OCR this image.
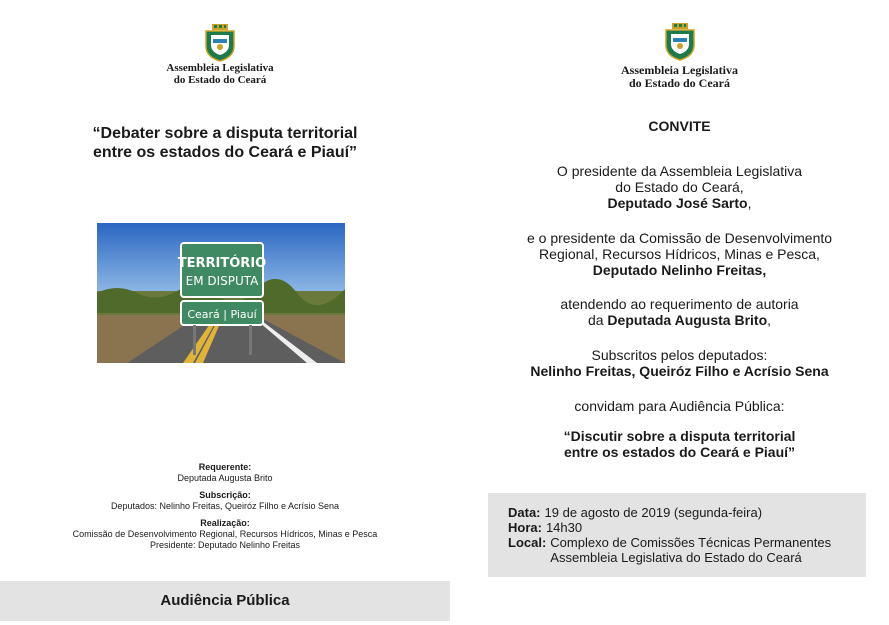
Assembleia Legislativa
do Estado do Ceará
“Debater sobre a disputa territorial
entre os estados do Ceará e Piauí”
TERRITÓRIO
EM DISPUTA
Ceará | Piauí
Requerente:
Deputada Augusta Brito
Subscrição:
Deputados: Nelinho Freitas, Queiróz Filho e Acrísio Sena
Realização:
Comissão de Desenvolvimento Regional, Recursos Hídricos, Minas e Pesca
Presidente: Deputado Nelinho Freitas
Audiência Pública
Assembleia Legislativa
do Estado do Ceará
CONVITE
O presidente da Assembleia Legislativa
do Estado do Ceará,
Deputado José Sarto,
e o presidente da Comissão de Desenvolvimento
Regional, Recursos Hídricos, Minas e Pesca,
Deputado Nelinho Freitas,
atendendo ao requerimento de autoria
da Deputada Augusta Brito,
Subscritos pelos deputados:
Nelinho Freitas, Queiróz Filho e Acrísio Sena
convidam para Audiência Pública:
“Discutir sobre a disputa territorial
entre os estados do Ceará e Piauí”
Data: 19 de agosto de 2019 (segunda-feira)
Hora: 14h30
Local: Complexo de Comissões Técnicas Permanentes
Assembleia Legislativa do Estado do Ceará
